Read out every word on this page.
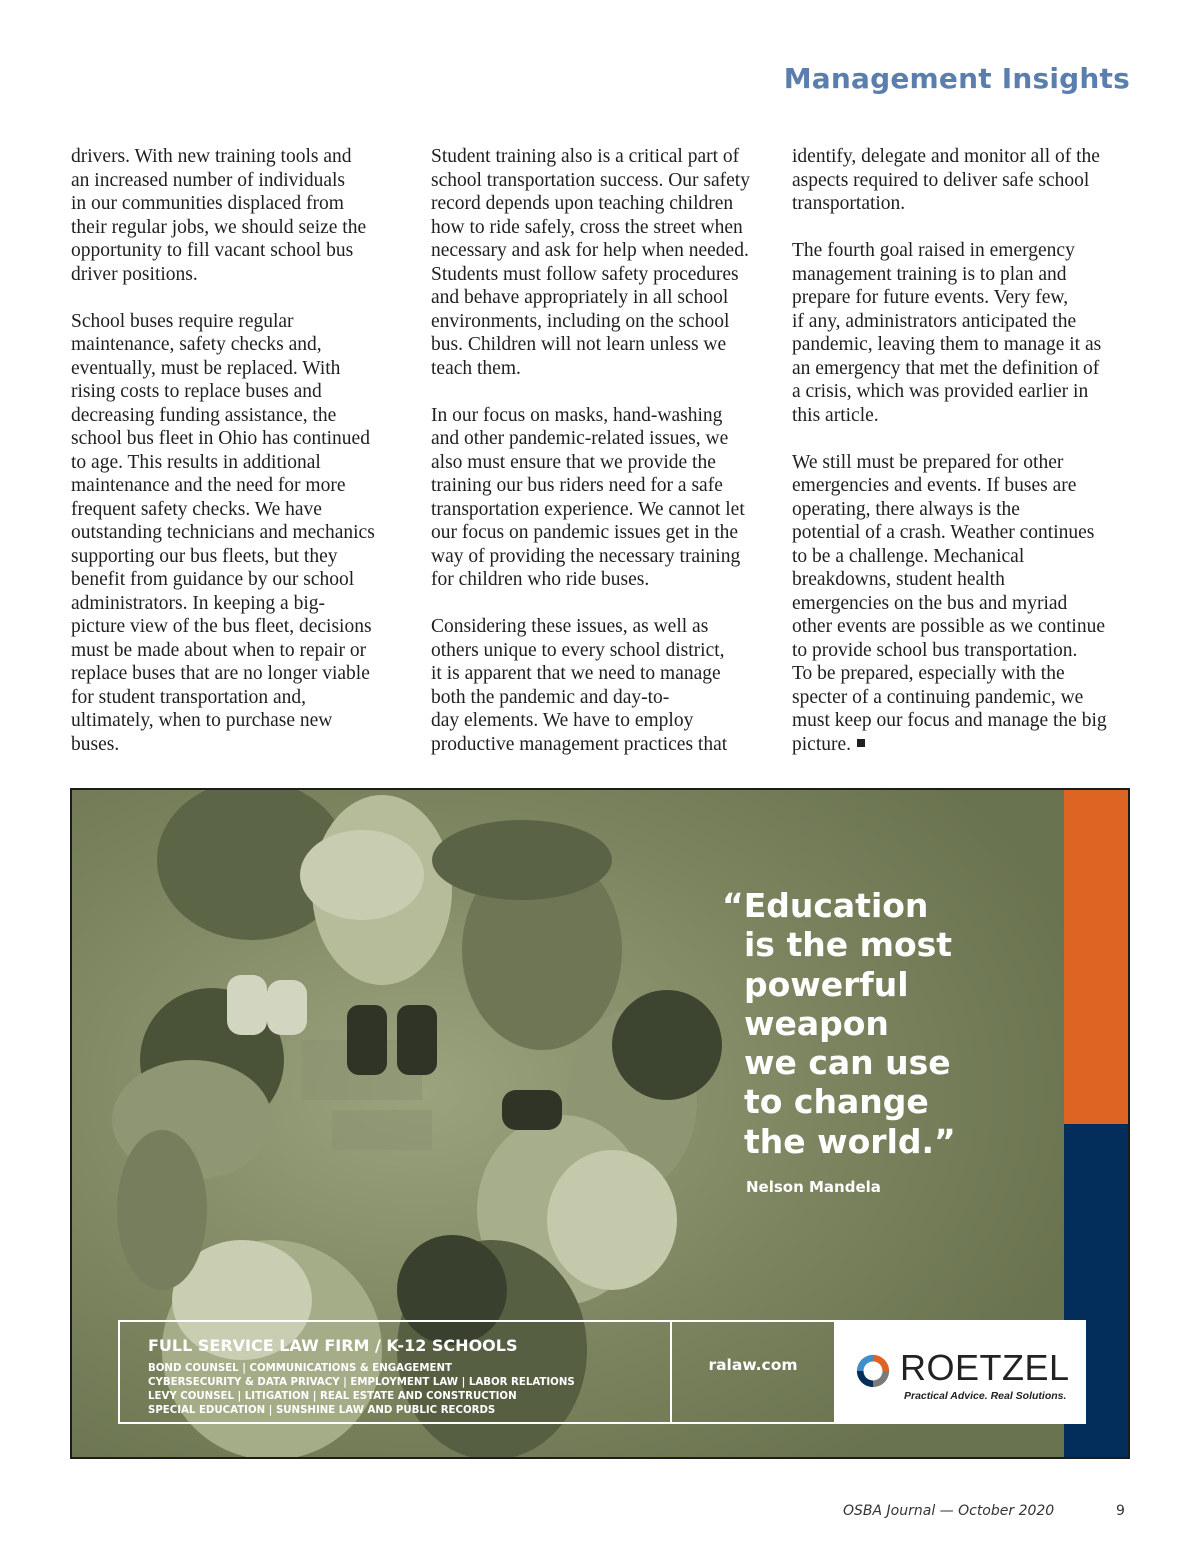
Management Insights

drivers. With new training tools and
an increased number of individuals
in our communities displaced from
their regular jobs, we should seize the
opportunity to fill vacant school bus
driver positions.

School buses require regular
maintenance, safety checks and,
eventually, must be replaced. With
rising costs to replace buses and
decreasing funding assistance, the
school bus fleet in Ohio has continued
to age. This results in additional
maintenance and the need for more
frequent safety checks. We have
outstanding technicians and mechanics
supporting our bus fleets, but they
benefit from guidance by our school
administrators. In keeping a big-
picture view of the bus fleet, decisions
must be made about when to repair or
replace buses that are no longer viable
for student transportation and,
ultimately, when to purchase new
buses.

Student training also is a critical part of
school transportation success. Our safety
record depends upon teaching children
how to ride safely, cross the street when
necessary and ask for help when needed.
Students must follow safety procedures
and behave appropriately in all school
environments, including on the school
bus. Children will not learn unless we
teach them.

In our focus on masks, hand-washing
and other pandemic-related issues, we
also must ensure that we provide the
training our bus riders need for a safe
transportation experience. We cannot let
our focus on pandemic issues get in the
way of providing the necessary training
for children who ride buses.

Considering these issues, as well as
others unique to every school district,
it is apparent that we need to manage
both the pandemic and day-to-
day elements. We have to employ
productive management practices that

identify, delegate and monitor all of the
aspects required to deliver safe school
transportation.

The fourth goal raised in emergency
management training is to plan and
prepare for future events. Very few,
if any, administrators anticipated the
pandemic, leaving them to manage it as
an emergency that met the definition of
a crisis, which was provided earlier in
this article.

We still must be prepared for other
emergencies and events. If buses are
operating, there always is the
potential of a crash. Weather continues
to be a challenge. Mechanical
breakdowns, student health
emergencies on the bus and myriad
other events are possible as we continue
to provide school bus transportation.
To be prepared, especially with the
specter of a continuing pandemic, we
must keep our focus and manage the big
picture.

“Education
is the most
powerful
weapon
we can use
to change
the world.”
Nelson Mandela
FULL SERVICE LAW FIRM / K-12 SCHOOLS
BOND COUNSEL | COMMUNICATIONS & ENGAGEMENT
CYBERSECURITY & DATA PRIVACY | EMPLOYMENT LAW | LABOR RELATIONS
LEVY COUNSEL | LITIGATION | REAL ESTATE AND CONSTRUCTION
SPECIAL EDUCATION | SUNSHINE LAW AND PUBLIC RECORDS
ralaw.com	ROETZEL
Practical Advice. Real Solutions.
OSBA Journal — October 2020	9
